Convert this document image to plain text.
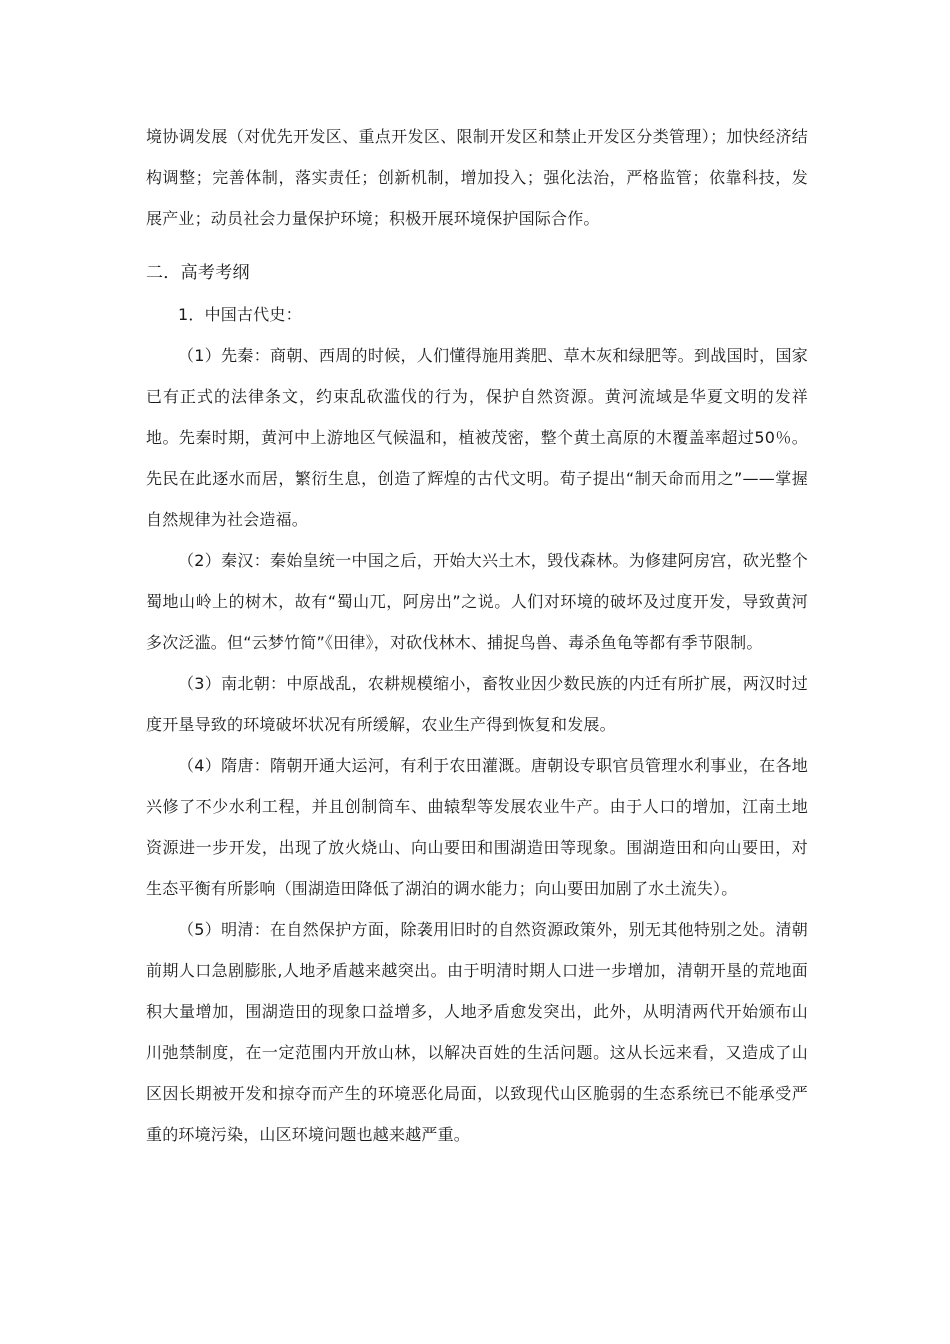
境协调发展（对优先开发区、重点开发区、限制开发区和禁止开发区分类管理）；加快经济结构调整；完善体制，落实责任；创新机制，增加投入；强化法治，严格监管；依靠科技，发展产业；动员社会力量保护环境；积极开展环境保护国际合作。

二．高考考纲

1．中国古代史：

（1）先秦：商朝、西周的时候，人们懂得施用粪肥、草木灰和绿肥等。到战国时，国家已有正式的法律条文，约束乱砍滥伐的行为，保护自然资源。黄河流域是华夏文明的发祥地。先秦时期，黄河中上游地区气候温和，植被茂密，整个黄土高原的木覆盖率超过50％。先民在此逐水而居，繁衍生息，创造了辉煌的古代文明。荀子提出“制天命而用之”——掌握自然规律为社会造福。

（2）秦汉：秦始皇统一中国之后，开始大兴土木，毁伐森林。为修建阿房宫，砍光整个蜀地山岭上的树木，故有“蜀山兀，阿房出”之说。人们对环境的破坏及过度开发，导致黄河多次泛滥。但“云梦竹简”《田律》，对砍伐林木、捕捉鸟兽、毒杀鱼龟等都有季节限制。

（3）南北朝：中原战乱，农耕规模缩小，畜牧业因少数民族的内迁有所扩展，两汉时过度开垦导致的环境破坏状况有所缓解，农业生产得到恢复和发展。

（4）隋唐：隋朝开通大运河，有利于农田灌溉。唐朝设专职官员管理水利事业，在各地兴修了不少水利工程，并且创制筒车、曲辕犁等发展农业牛产。由于人口的增加，江南土地资源进一步开发，出现了放火烧山、向山要田和围湖造田等现象。围湖造田和向山要田，对生态平衡有所影响（围湖造田降低了湖泊的调水能力；向山要田加剧了水土流失）。

（5）明清：在自然保护方面，除袭用旧时的自然资源政策外，别无其他特别之处。清朝前期人口急剧膨胀,人地矛盾越来越突出。由于明清时期人口进一步增加，清朝开垦的荒地面积大量增加，围湖造田的现象口益增多，人地矛盾愈发突出，此外，从明清两代开始颁布山川弛禁制度，在一定范围内开放山林，以解决百姓的生活问题。这从长远来看，又造成了山区因长期被开发和掠夺而产生的环境恶化局面，以致现代山区脆弱的生态系统已不能承受严重的环境污染，山区环境问题也越来越严重。
